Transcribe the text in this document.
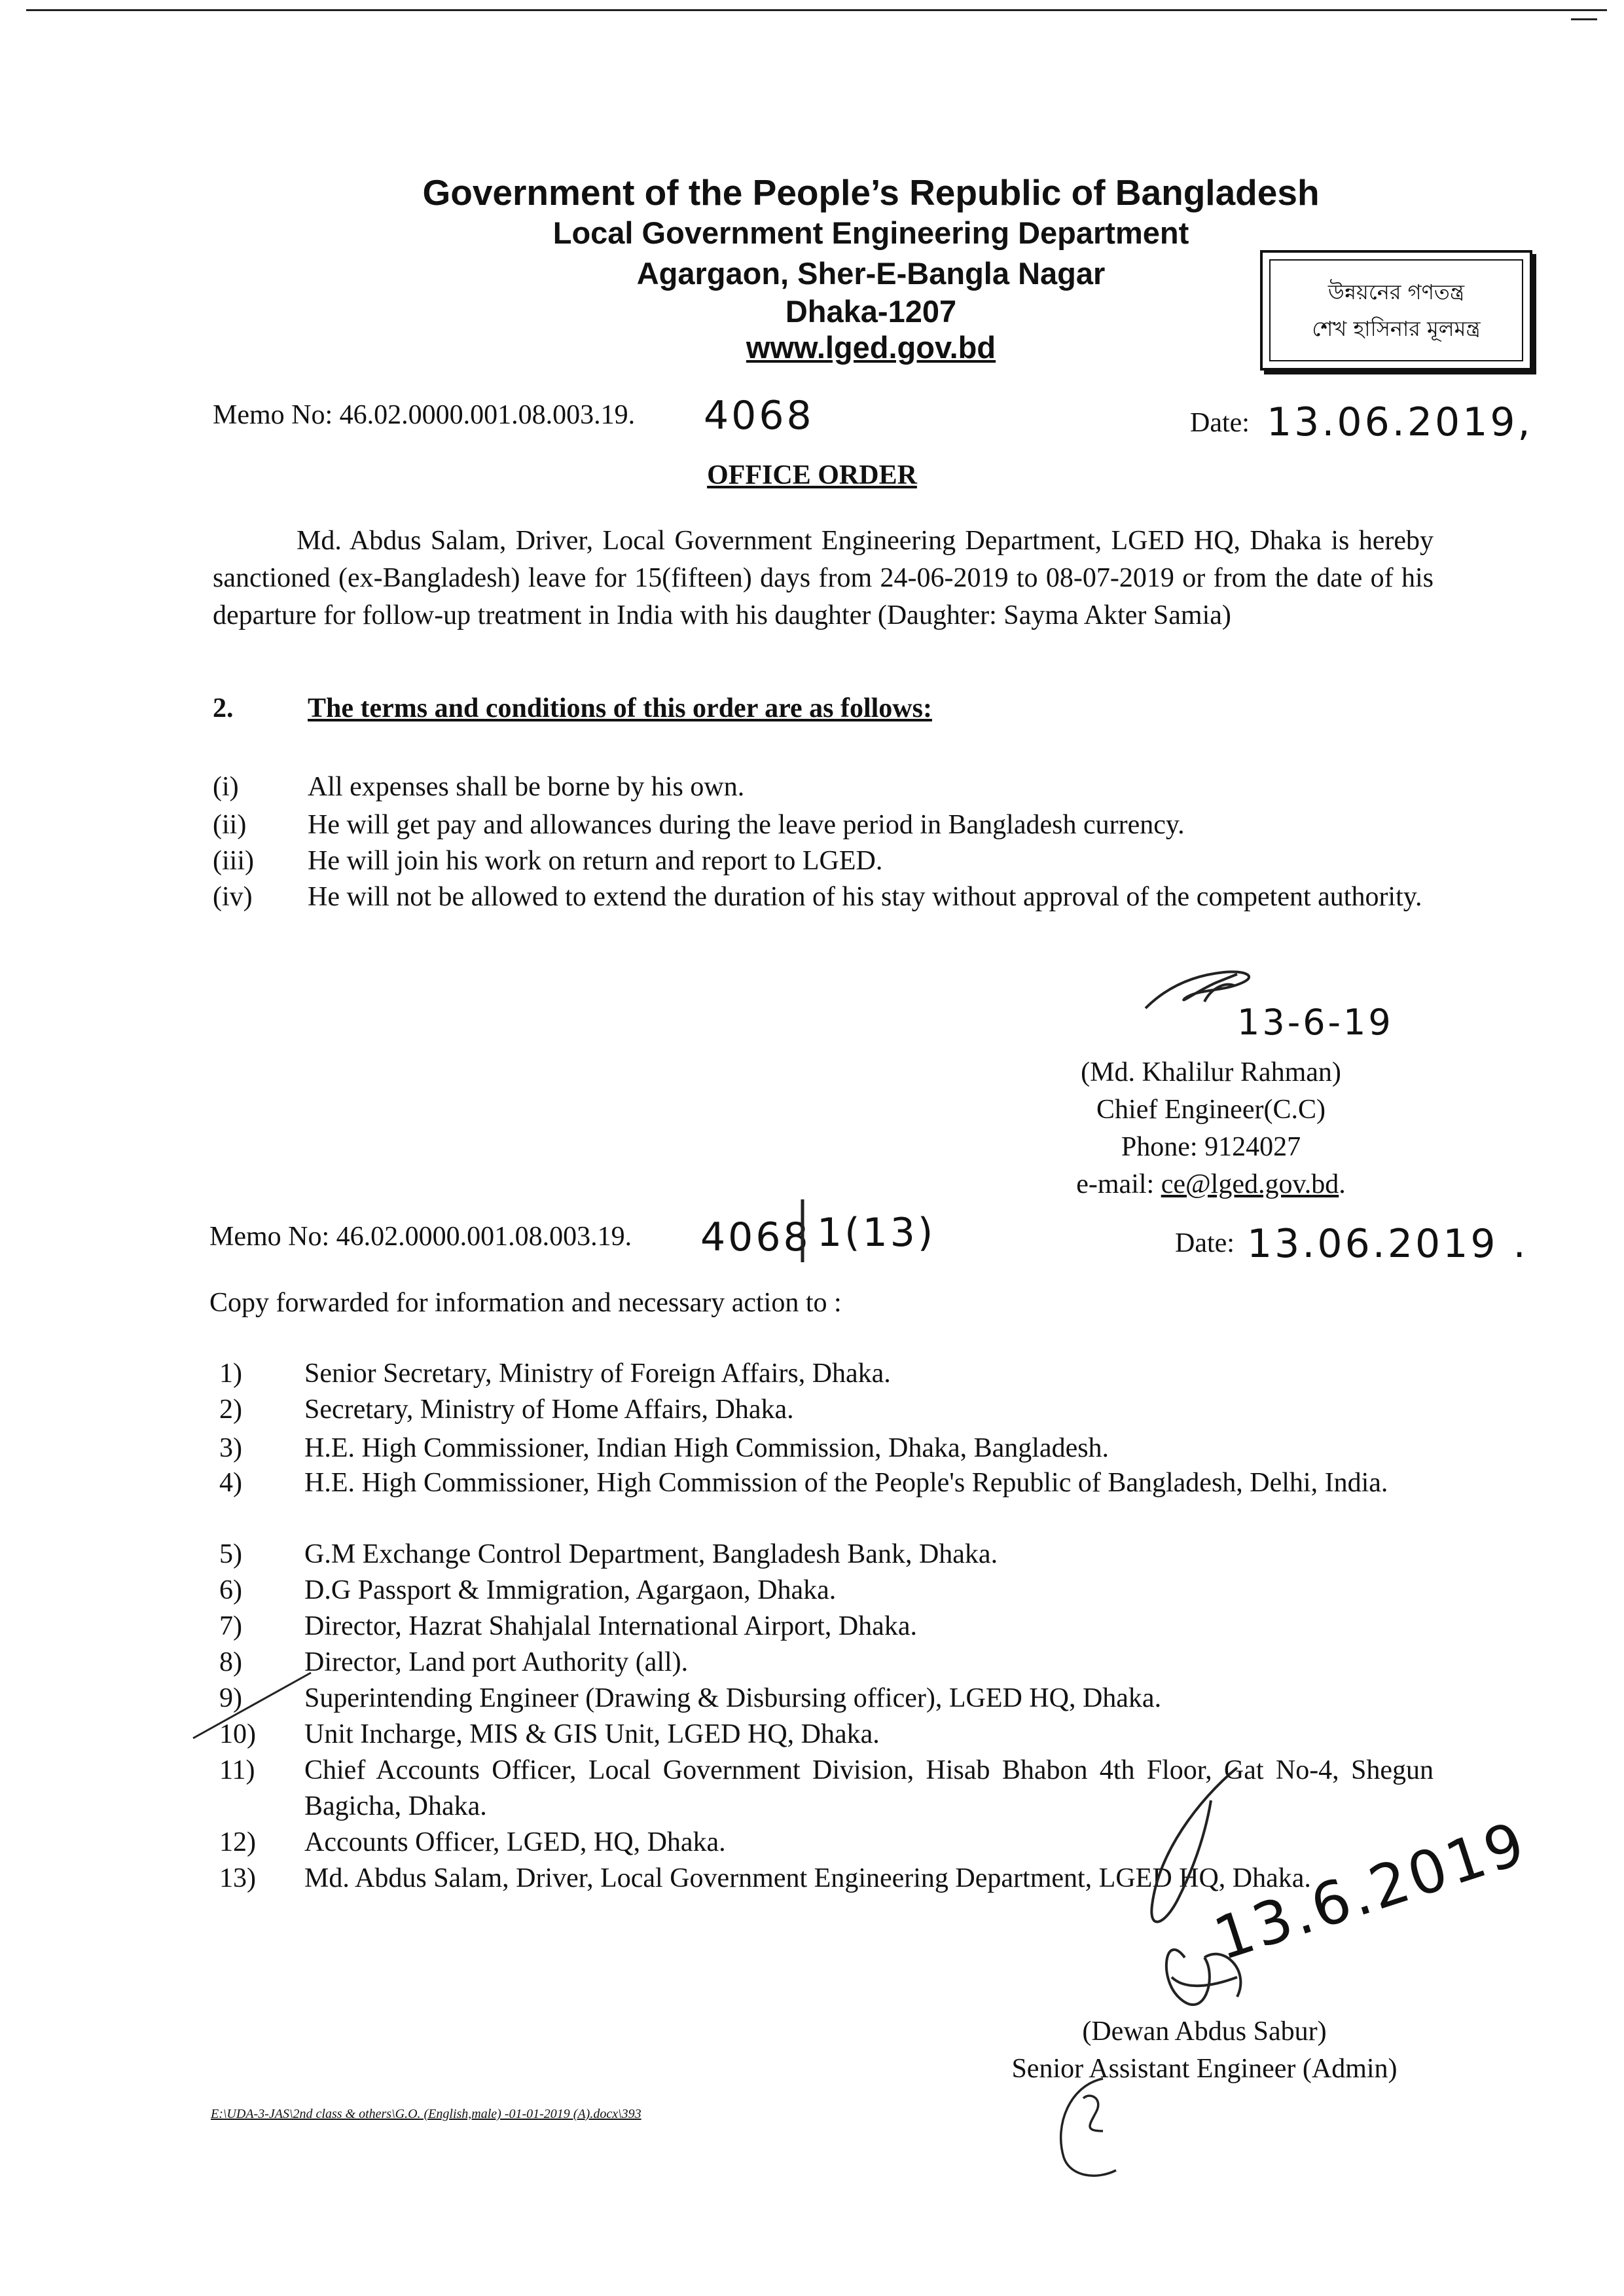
Government of the People’s Republic of Bangladesh
Local Government Engineering Department
Agargaon, Sher-E-Bangla Nagar
Dhaka-1207
www.lged.gov.bd
উন্নয়নের গণতন্ত্র
শেখ হাসিনার মূলমন্ত্র
Memo No: 46.02.0000.001.08.003.19. 4068	Date: 13.06.2019,
OFFICE ORDER
Md. Abdus Salam, Driver, Local Government Engineering Department, LGED HQ, Dhaka is hereby sanctioned (ex-Bangladesh) leave for 15(fifteen) days from 24-06-2019 to 08-07-2019 or from the date of his departure for follow-up treatment in India with his daughter (Daughter: Sayma Akter Samia)
2.	The terms and conditions of this order are as follows:
(i)	All expenses shall be borne by his own.
(ii) He will get pay and allowances during the leave period in Bangladesh currency.
(iii) He will join his work on return and report to LGED.
(iv) He will not be allowed to extend the duration of his stay without approval of the competent authority.
13-6-19
(Md. Khalilur Rahman)
Chief Engineer(C.C)
Phone: 9124027
e-mail: ce@lged.gov.bd.
Memo No: 46.02.0000.001.08.003.19. 4068 1(13)	Date: 13.06.2019 .
Copy forwarded for information and necessary action to :
1) Senior Secretary, Ministry of Foreign Affairs, Dhaka.
2) Secretary, Ministry of Home Affairs, Dhaka.
3) H.E. High Commissioner, Indian High Commission, Dhaka, Bangladesh.
4) H.E. High Commissioner, High Commission of the People's Republic of Bangladesh, Delhi, India.
5) G.M Exchange Control Department, Bangladesh Bank, Dhaka.
6) D.G Passport & Immigration, Agargaon, Dhaka.
7) Director, Hazrat Shahjalal International Airport, Dhaka.
8) Director, Land port Authority (all).
9) Superintending Engineer (Drawing & Disbursing officer), LGED HQ, Dhaka.
10) Unit Incharge, MIS & GIS Unit, LGED HQ, Dhaka.
11) Chief Accounts Officer, Local Government Division, Hisab Bhabon 4th Floor, Gat No-4, Shegun Bagicha, Dhaka.
12) Accounts Officer, LGED, HQ, Dhaka.
13) Md. Abdus Salam, Driver, Local Government Engineering Department, LGED HQ, Dhaka.
13.6.2019
(Dewan Abdus Sabur)
Senior Assistant Engineer (Admin)
E:\UDA-3-JAS\2nd class & others\G.O. (English,male) -01-01-2019 (A).docx\393
